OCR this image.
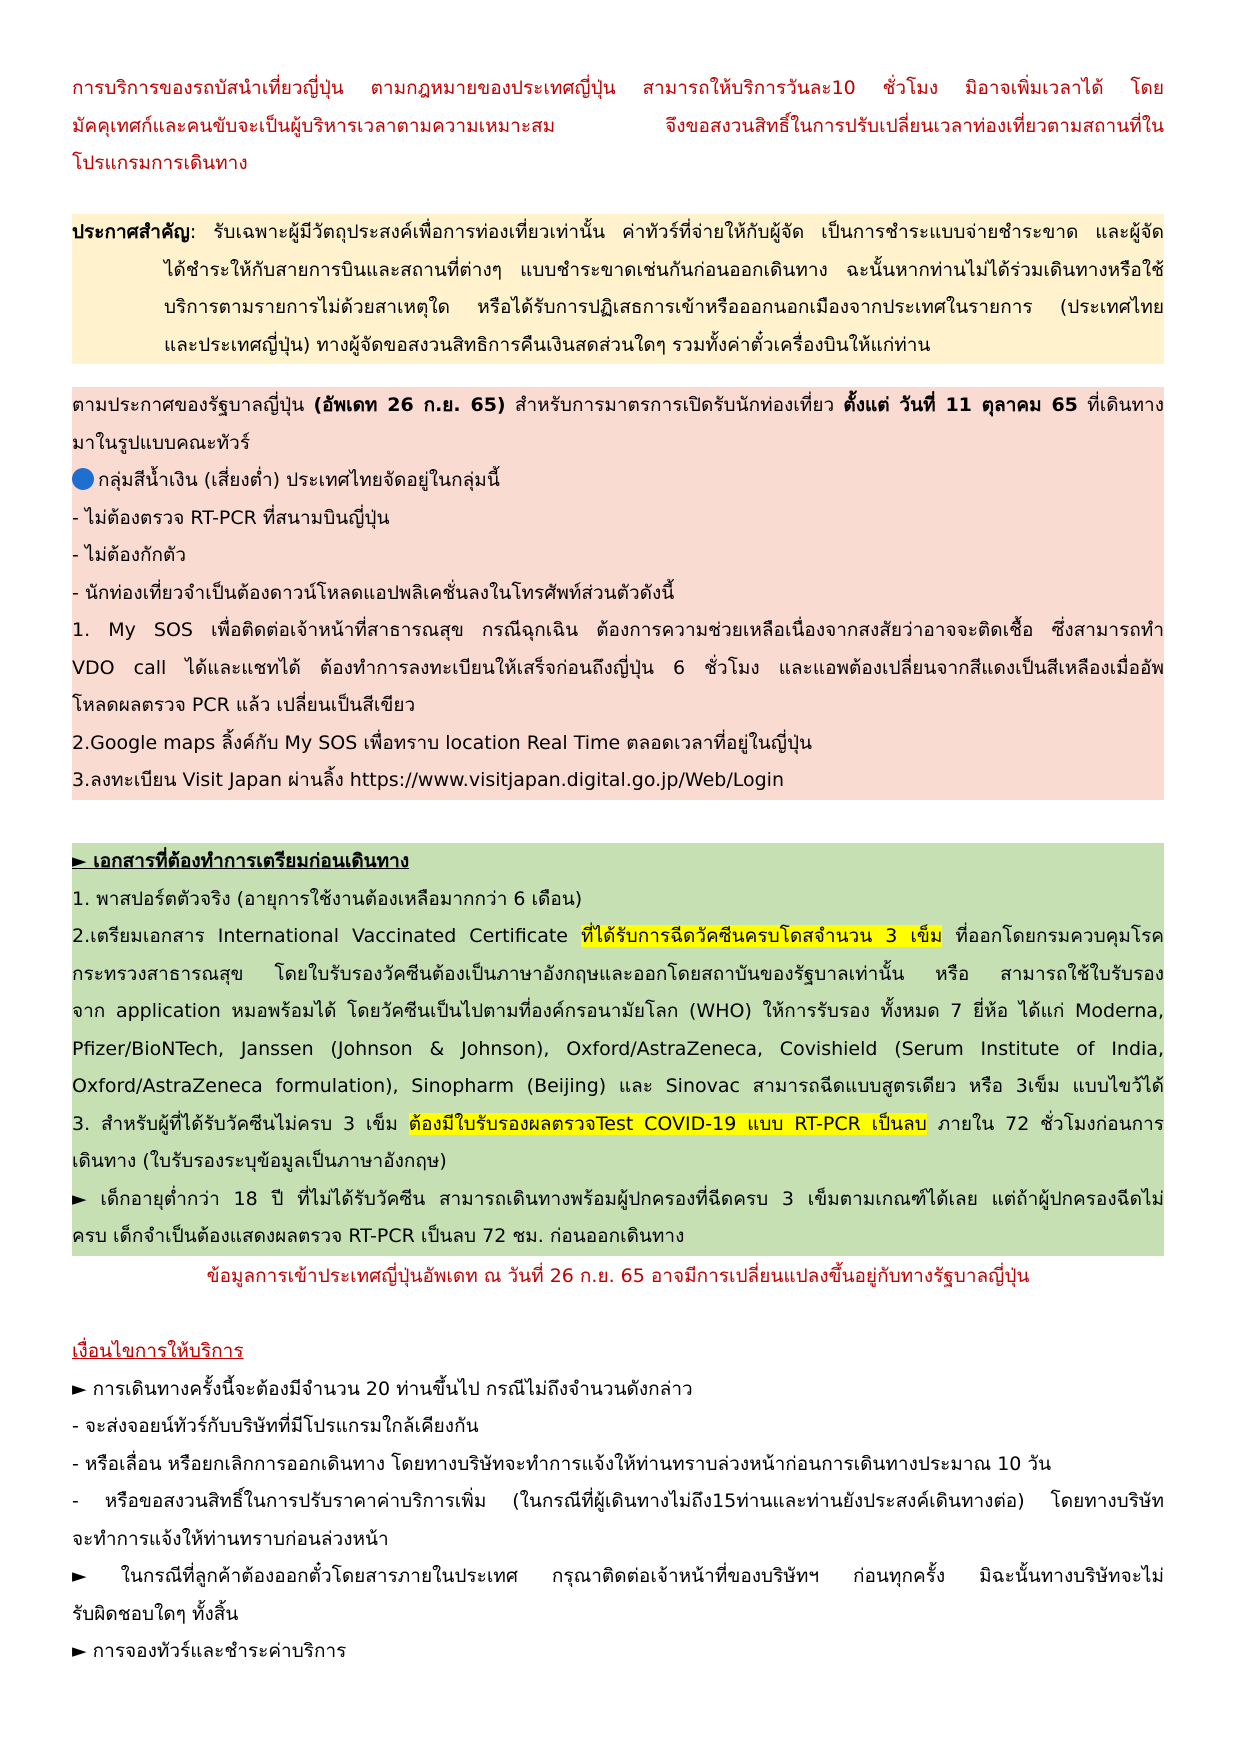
การบริการของรถบัสนำเที่ยวญี่ปุ่น ตามกฎหมายของประเทศญี่ปุ่น สามารถให้บริการวันละ10 ชั่วโมง มิอาจเพิ่มเวลาได้ โดย
มัคคุเทศก์และคนขับจะเป็นผู้บริหารเวลาตามความเหมาะสม จึงขอสงวนสิทธิ์ในการปรับเปลี่ยนเวลาท่องเที่ยวตามสถานที่ใน
โปรแกรมการเดินทาง
ประกาศสำคัญ: รับเฉพาะผู้มีวัตถุประสงค์เพื่อการท่องเที่ยวเท่านั้น ค่าทัวร์ที่จ่ายให้กับผู้จัด เป็นการชำระแบบจ่ายชำระขาด และผู้จัด
ได้ชำระให้กับสายการบินและสถานที่ต่างๆ แบบชำระขาดเช่นกันก่อนออกเดินทาง ฉะนั้นหากท่านไม่ได้ร่วมเดินทางหรือใช้
บริการตามรายการไม่ด้วยสาเหตุใด หรือได้รับการปฏิเสธการเข้าหรือออกนอกเมืองจากประเทศในรายการ (ประเทศไทย
และประเทศญี่ปุ่น) ทางผู้จัดขอสงวนสิทธิการคืนเงินสดส่วนใดๆ รวมทั้งค่าตั๋วเครื่องบินให้แก่ท่าน
ตามประกาศของรัฐบาลญี่ปุ่น (อัพเดท 26 ก.ย. 65) สำหรับการมาตรการเปิดรับนักท่องเที่ยว ตั้งแต่ วันที่ 11 ตุลาคม 65 ที่เดินทาง
มาในรูปแบบคณะทัวร์
กลุ่มสีน้ำเงิน (เสี่ยงต่ำ) ประเทศไทยจัดอยู่ในกลุ่มนี้
- ไม่ต้องตรวจ RT-PCR ที่สนามบินญี่ปุ่น
- ไม่ต้องกักตัว
- นักท่องเที่ยวจำเป็นต้องดาวน์โหลดแอปพลิเคชั่นลงในโทรศัพท์ส่วนตัวดังนี้
1. My SOS เพื่อติดต่อเจ้าหน้าที่สาธารณสุข กรณีฉุกเฉิน ต้องการความช่วยเหลือเนื่องจากสงสัยว่าอาจจะติดเชื้อ ซึ่งสามารถทำ
VDO call ได้และแชทได้ ต้องทำการลงทะเบียนให้เสร็จก่อนถึงญี่ปุ่น 6 ชั่วโมง และแอพต้องเปลี่ยนจากสีแดงเป็นสีเหลืองเมื่ออัพ
โหลดผลตรวจ PCR แล้ว เปลี่ยนเป็นสีเขียว
2.Google maps ลิ้งค์กับ My SOS เพื่อทราบ location Real Time ตลอดเวลาที่อยู่ในญี่ปุ่น
3.ลงทะเบียน Visit Japan ผ่านลิ้ง https://www.visitjapan.digital.go.jp/Web/Login
► เอกสารที่ต้องทำการเตรียมก่อนเดินทาง
1. พาสปอร์ตตัวจริง (อายุการใช้งานต้องเหลือมากกว่า 6 เดือน)
2.เตรียมเอกสาร International Vaccinated Certificate ที่ได้รับการฉีดวัคซีนครบโดสจำนวน 3 เข็ม ที่ออกโดยกรมควบคุมโรค
กระทรวงสาธารณสุข โดยใบรับรองวัคซีนต้องเป็นภาษาอังกฤษและออกโดยสถาบันของรัฐบาลเท่านั้น หรือ สามารถใช้ใบรับรอง
จาก application หมอพร้อมได้ โดยวัคซีนเป็นไปตามที่องค์กรอนามัยโลก (WHO) ให้การรับรอง ทั้งหมด 7 ยี่ห้อ ได้แก่ Moderna,
Pfizer/BioNTech, Janssen (Johnson & Johnson), Oxford/AstraZeneca, Covishield (Serum Institute of India,
Oxford/AstraZeneca formulation), Sinopharm (Beijing) และ Sinovac สามารถฉีดแบบสูตรเดียว หรือ 3เข็ม แบบไขว้ได้
3. สำหรับผู้ที่ได้รับวัคซีนไม่ครบ 3 เข็ม ต้องมีใบรับรองผลตรวจTest COVID-19 แบบ RT-PCR เป็นลบ ภายใน 72 ชั่วโมงก่อนการ
เดินทาง (ใบรับรองระบุข้อมูลเป็นภาษาอังกฤษ)
► เด็กอายุต่ำกว่า 18 ปี ที่ไม่ได้รับวัคซีน สามารถเดินทางพร้อมผู้ปกครองที่ฉีดครบ 3 เข็มตามเกณฑ์ได้เลย แต่ถ้าผู้ปกครองฉีดไม่
ครบ เด็กจำเป็นต้องแสดงผลตรวจ RT-PCR เป็นลบ 72 ชม. ก่อนออกเดินทาง
ข้อมูลการเข้าประเทศญี่ปุ่นอัพเดท ณ วันที่ 26 ก.ย. 65 อาจมีการเปลี่ยนแปลงขึ้นอยู่กับทางรัฐบาลญี่ปุ่น
เงื่อนไขการให้บริการ
► การเดินทางครั้งนี้จะต้องมีจำนวน 20 ท่านขึ้นไป กรณีไม่ถึงจำนวนดังกล่าว
- จะส่งจอยน์ทัวร์กับบริษัทที่มีโปรแกรมใกล้เคียงกัน
- หรือเลื่อน หรือยกเลิกการออกเดินทาง โดยทางบริษัทจะทำการแจ้งให้ท่านทราบล่วงหน้าก่อนการเดินทางประมาณ 10 วัน
- หรือขอสงวนสิทธิ์ในการปรับราคาค่าบริการเพิ่ม (ในกรณีที่ผู้เดินทางไม่ถึง15ท่านและท่านยังประสงค์เดินทางต่อ) โดยทางบริษัท
จะทำการแจ้งให้ท่านทราบก่อนล่วงหน้า
► ในกรณีที่ลูกค้าต้องออกตั๋วโดยสารภายในประเทศ กรุณาติดต่อเจ้าหน้าที่ของบริษัทฯ ก่อนทุกครั้ง มิฉะนั้นทางบริษัทจะไม่
รับผิดชอบใดๆ ทั้งสิ้น
► การจองทัวร์และชำระค่าบริการ
